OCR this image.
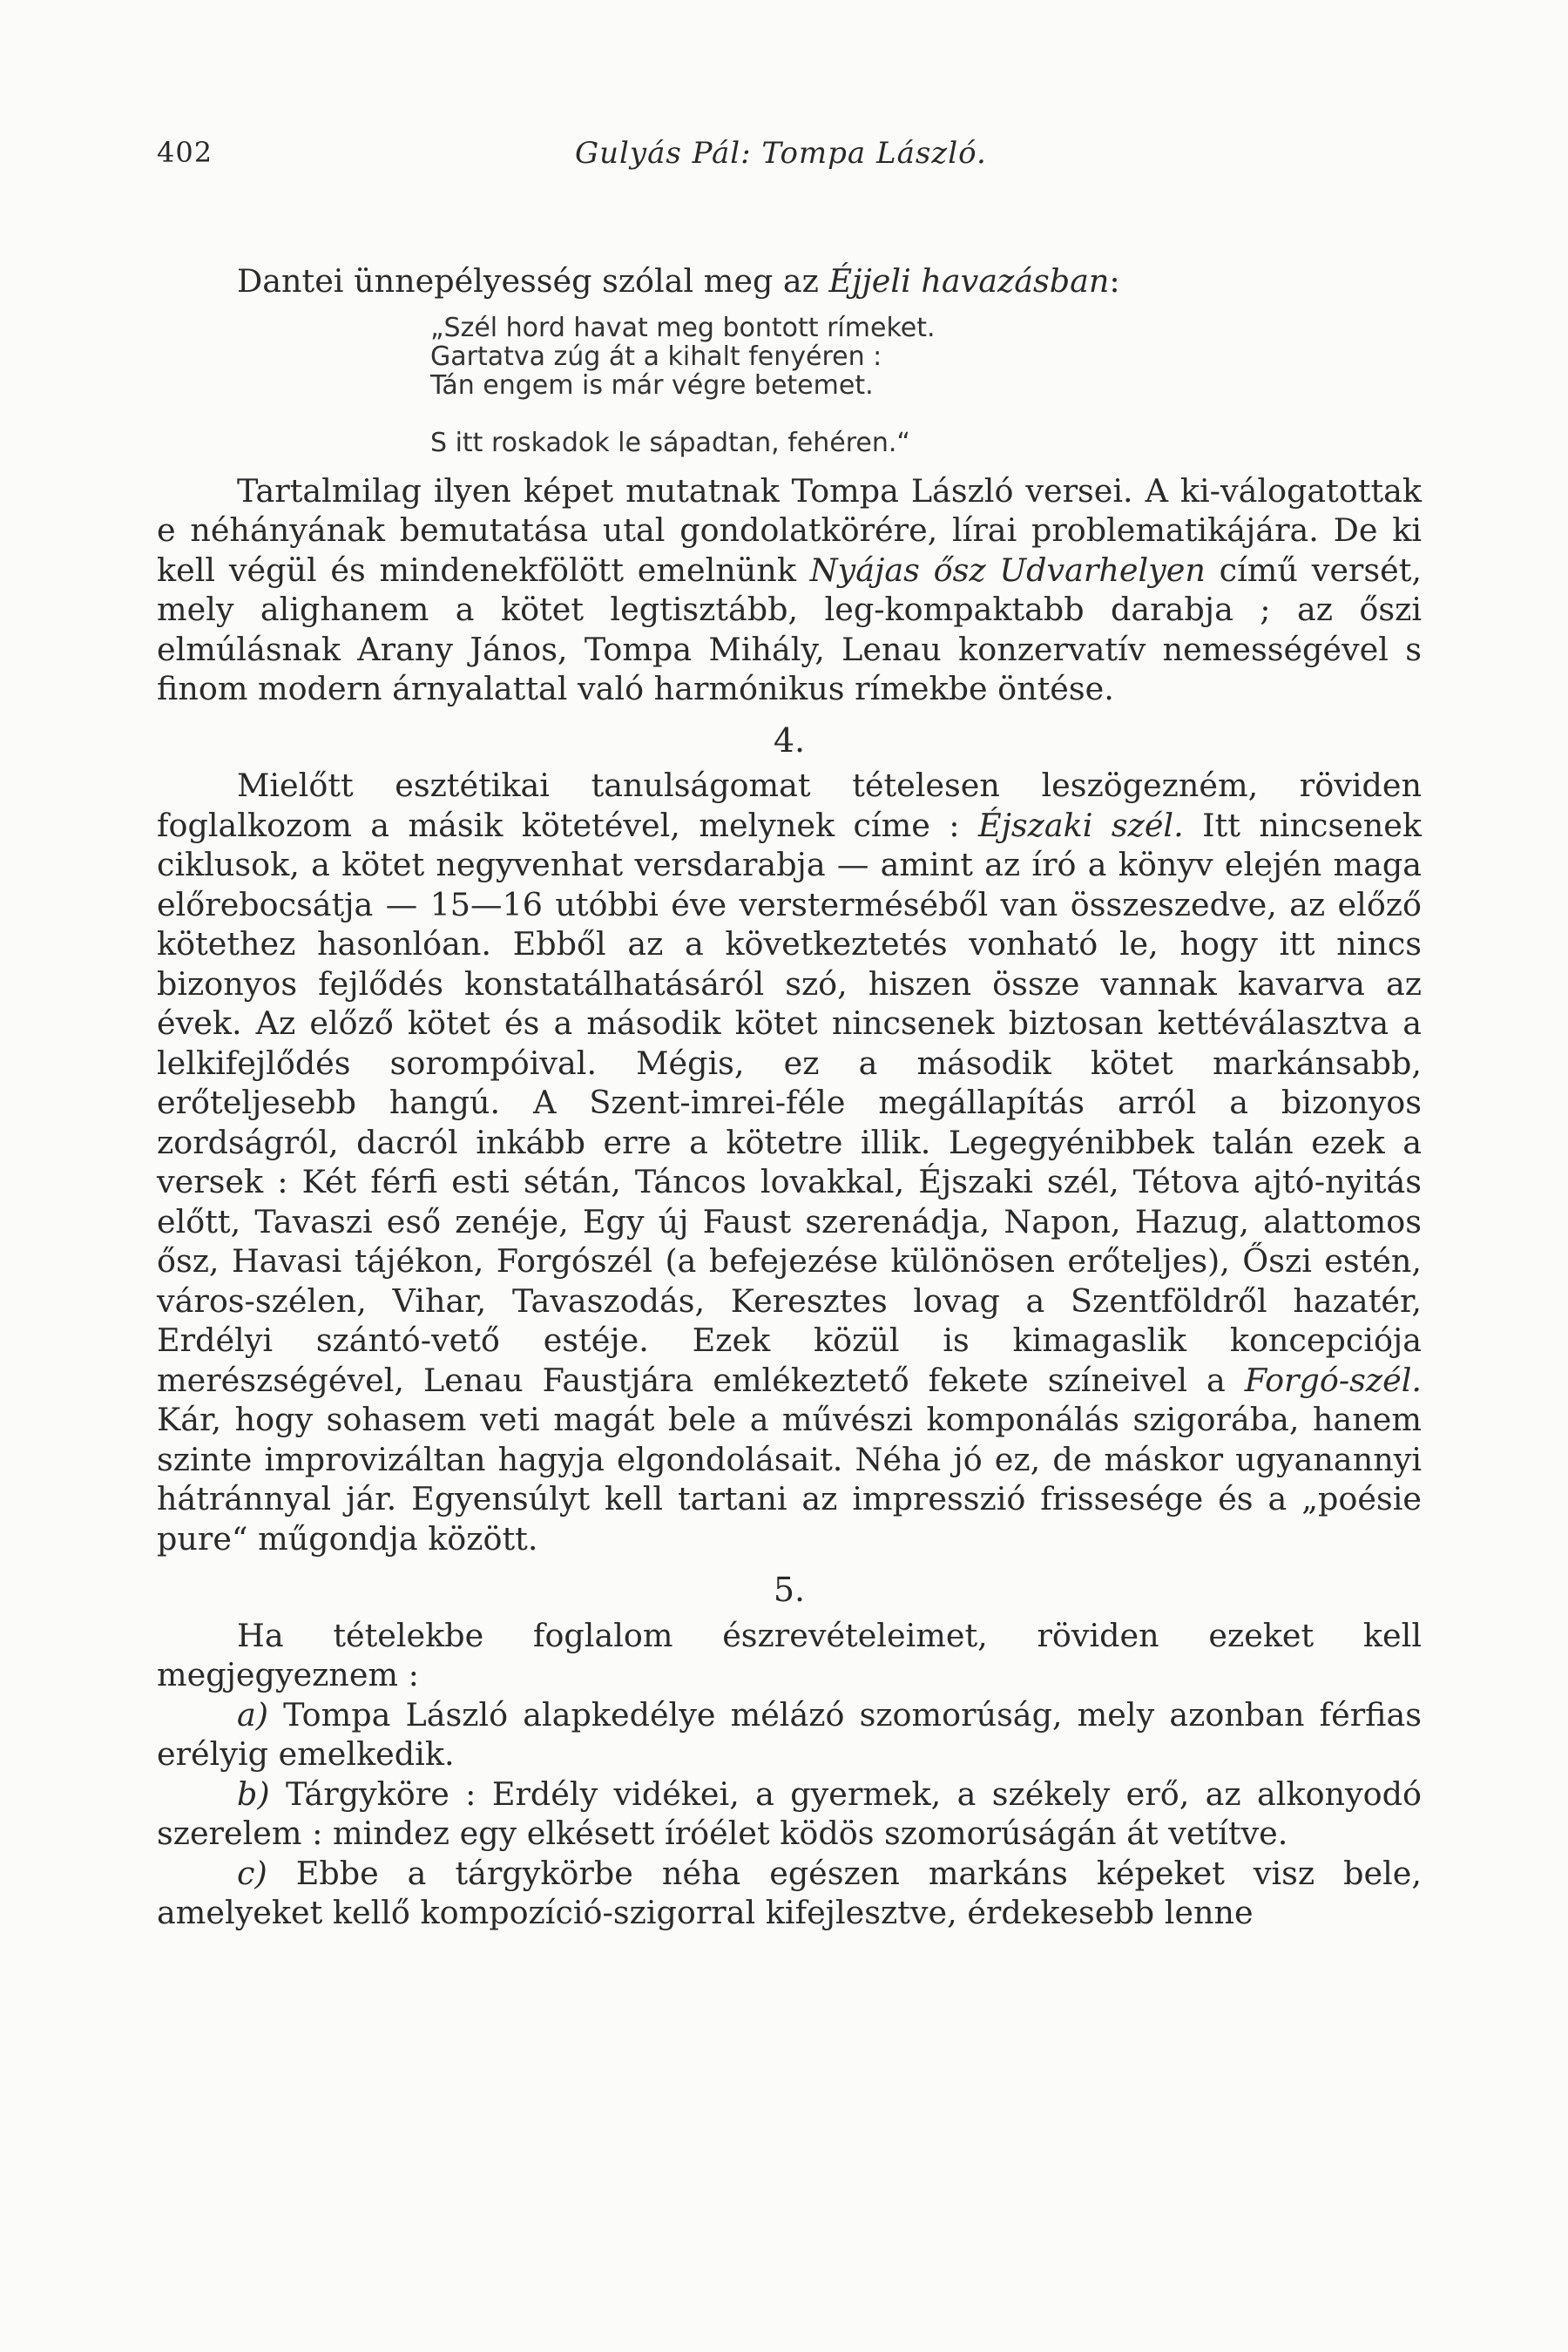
402	Gulyás Pál: Tompa László.

Dantei ünnepélyesség szólal meg az Éjjeli havazásban:

„Szél hord havat meg bontott rímeket.
Gartatva zúg át a kihalt fenyéren :
Tán engem is már végre betemet.
S itt roskadok le sápadtan, fehéren.“

Tartalmilag ilyen képet mutatnak Tompa László versei. A ki-válogatottak e néhányának bemutatása utal gondolatkörére, lírai problematikájára. De ki kell végül és mindenekfölött emelnünk Nyájas ősz Udvarhelyen című versét, mely alighanem a kötet legtisztább, leg-kompaktabb darabja ; az őszi elmúlásnak Arany János, Tompa Mihály, Lenau konzervatív nemességével s finom modern árnyalattal való harmónikus rímekbe öntése.

4.

Mielőtt esztétikai tanulságomat tételesen leszögezném, röviden foglalkozom a másik kötetével, melynek címe : Éjszaki szél. Itt nincsenek ciklusok, a kötet negyvenhat versdarabja — amint az író a könyv elején maga előrebocsátja — 15—16 utóbbi éve versterméséből van összeszedve, az előző kötethez hasonlóan. Ebből az a következtetés vonható le, hogy itt nincs bizonyos fejlődés konstatálhatásáról szó, hiszen össze vannak kavarva az évek. Az előző kötet és a második kötet nincsenek biztosan kettéválasztva a lelkifejlődés sorompóival. Mégis, ez a második kötet markánsabb, erőteljesebb hangú. A Szent-imrei-féle megállapítás arról a bizonyos zordságról, dacról inkább erre a kötetre illik. Legegyénibbek talán ezek a versek : Két férfi esti sétán, Táncos lovakkal, Éjszaki szél, Tétova ajtó-nyitás előtt, Tavaszi eső zenéje, Egy új Faust szerenádja, Napon, Hazug, alattomos ősz, Havasi tájékon, Forgószél (a befejezése különösen erőteljes), Őszi estén, város-szélen, Vihar, Tavaszodás, Keresztes lovag a Szentföldről hazatér, Erdélyi szántó-vető estéje. Ezek közül is kimagaslik koncepciója merészségével, Lenau Faustjára emlékeztető fekete színeivel a Forgó-szél. Kár, hogy sohasem veti magát bele a művészi komponálás szigorába, hanem szinte improvizáltan hagyja elgondolásait. Néha jó ez, de máskor ugyanannyi hátránnyal jár. Egyensúlyt kell tartani az impresszió frissesége és a „poésie pure“ műgondja között.

5.

Ha tételekbe foglalom észrevételeimet, röviden ezeket kell megjegyeznem :

a) Tompa László alapkedélye mélázó szomorúság, mely azonban férfias erélyig emelkedik.

b) Tárgyköre : Erdély vidékei, a gyermek, a székely erő, az alkonyodó szerelem : mindez egy elkésett íróélet ködös szomorúságán át vetítve.

c) Ebbe a tárgykörbe néha egészen markáns képeket visz bele, amelyeket kellő kompozíció-szigorral kifejlesztve, érdekesebb lenne
